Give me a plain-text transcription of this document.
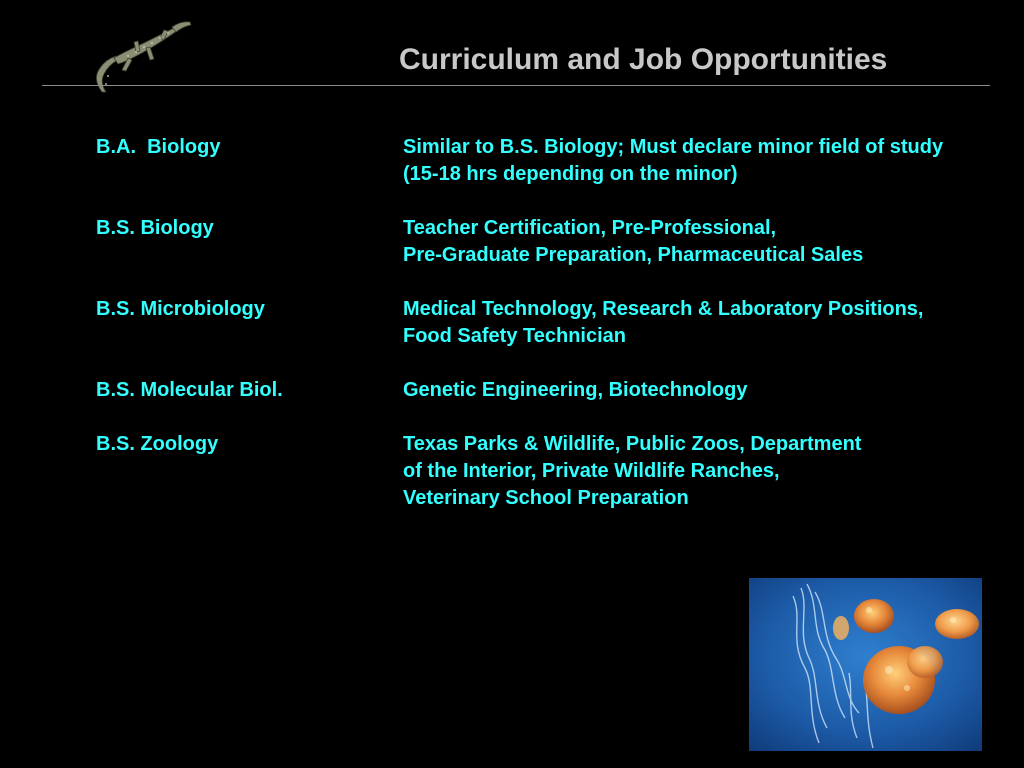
Curriculum and Job Opportunities
B.A.  Biology	Similar to B.S. Biology; Must declare minor field of study
(15-18 hrs depending on the minor)
B.S. Biology	Teacher Certification, Pre-Professional,
Pre-Graduate Preparation, Pharmaceutical Sales
B.S. Microbiology	Medical Technology, Research & Laboratory Positions,
Food Safety Technician
B.S. Molecular Biol.	Genetic Engineering, Biotechnology
B.S. Zoology	Texas Parks & Wildlife, Public Zoos, Department
of the Interior, Private Wildlife Ranches,
Veterinary School Preparation
